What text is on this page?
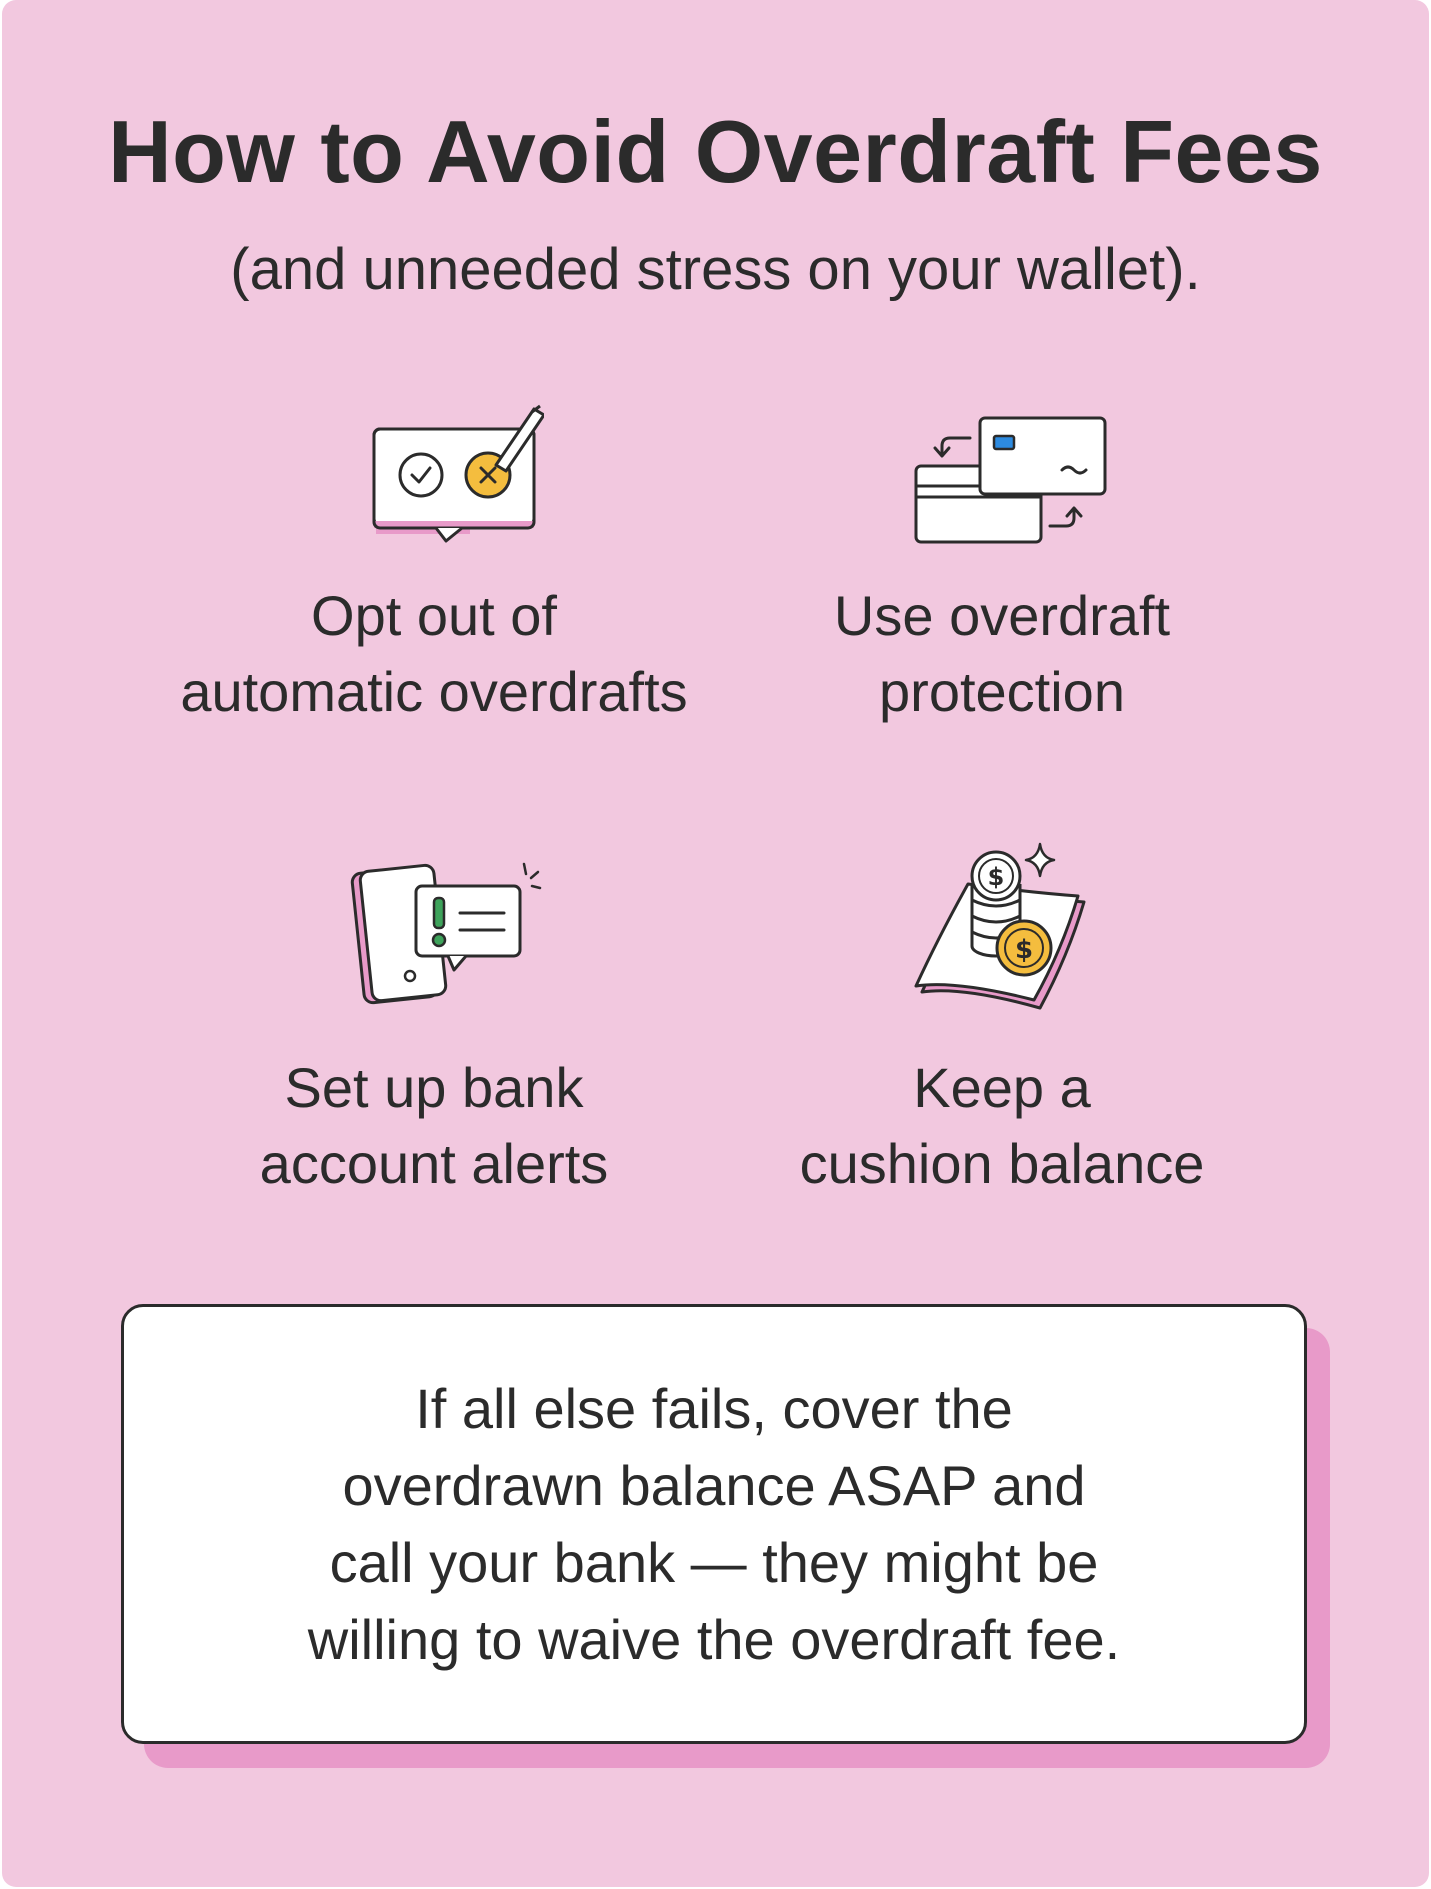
How to Avoid Overdraft Fees

(and unneeded stress on your wallet).

Opt out of
automatic overdrafts
Use overdraft
protection
Set up bank
account alerts
$
$
Keep a
cushion balance
If all else fails, cover the
overdrawn balance ASAP and
call your bank — they might be
willing to waive the overdraft fee.
